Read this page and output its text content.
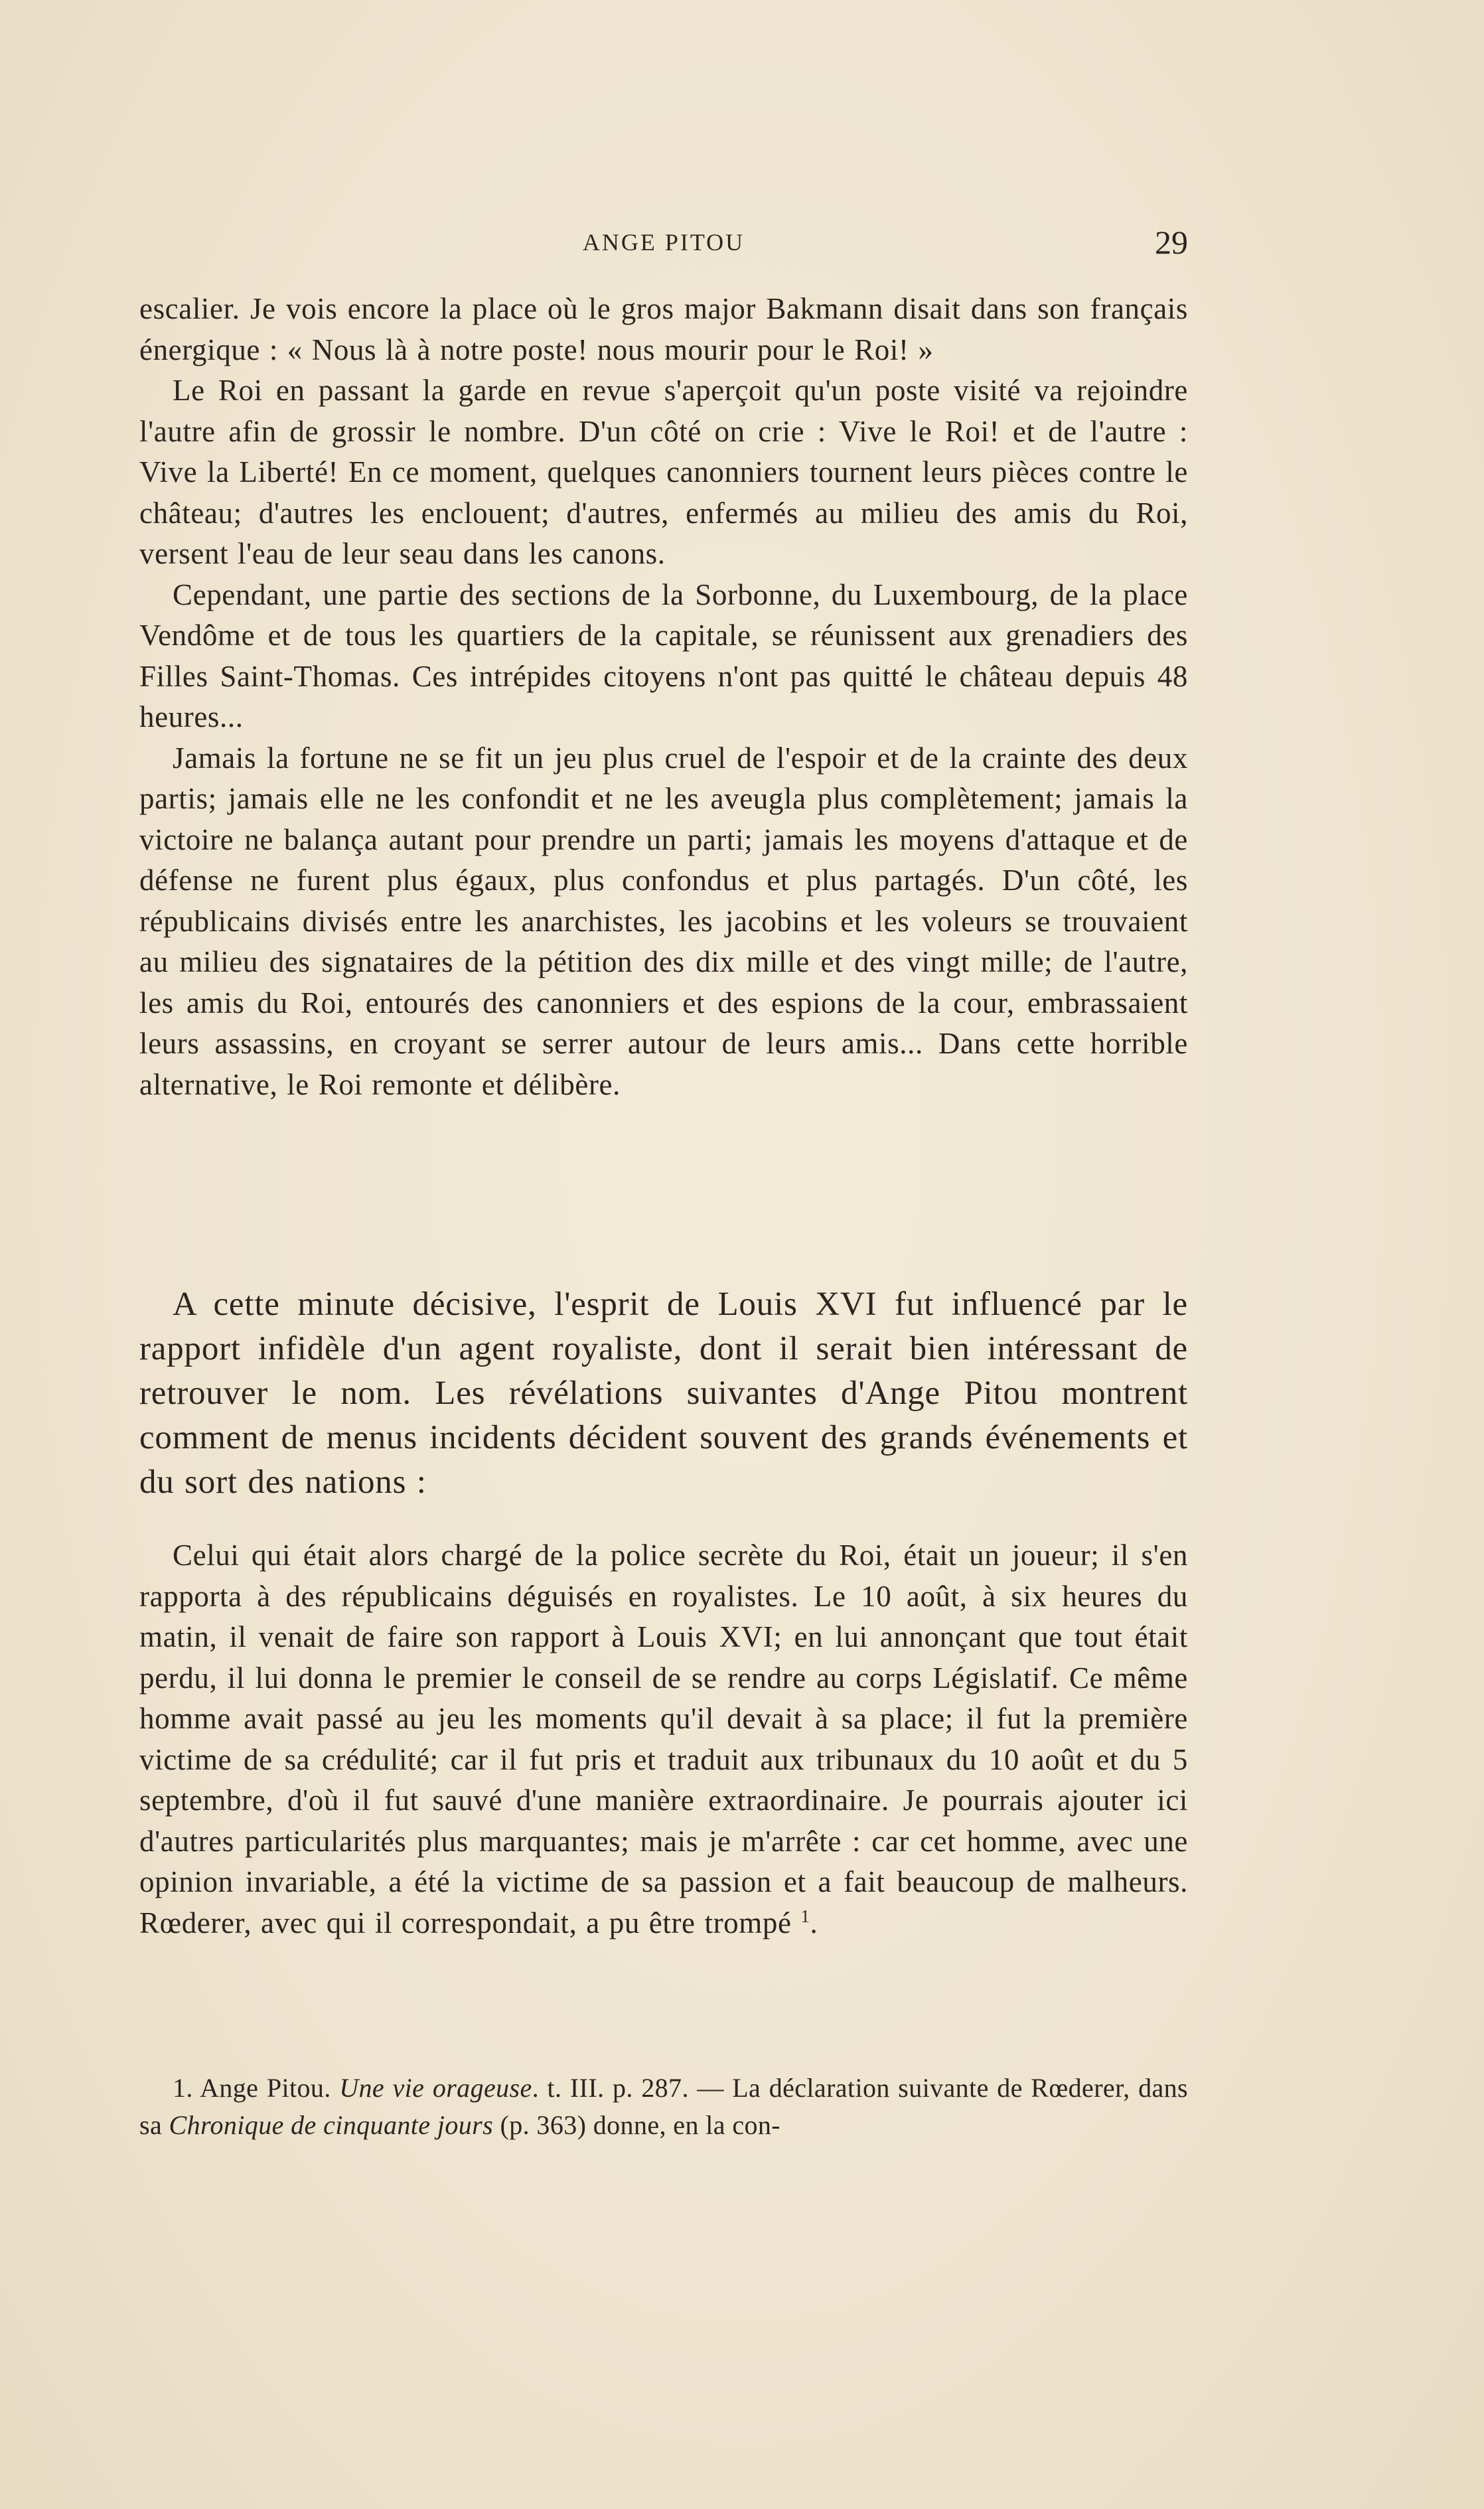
ANGE PITOU	29

escalier. Je vois encore la place où le gros major Bakmann disait dans son français énergique : « Nous là à notre poste! nous mourir pour le Roi! »

Le Roi en passant la garde en revue s'aperçoit qu'un poste visité va rejoindre l'autre afin de grossir le nombre. D'un côté on crie : Vive le Roi! et de l'autre : Vive la Liberté! En ce moment, quelques canonniers tournent leurs pièces contre le château; d'autres les enclouent; d'autres, enfermés au milieu des amis du Roi, versent l'eau de leur seau dans les canons.

Cependant, une partie des sections de la Sorbonne, du Luxembourg, de la place Vendôme et de tous les quartiers de la capitale, se réunissent aux grenadiers des Filles Saint-Thomas. Ces intrépides citoyens n'ont pas quitté le château depuis 48 heures...

Jamais la fortune ne se fit un jeu plus cruel de l'espoir et de la crainte des deux partis; jamais elle ne les confondit et ne les aveugla plus complètement; jamais la victoire ne balança autant pour prendre un parti; jamais les moyens d'attaque et de défense ne furent plus égaux, plus confondus et plus partagés. D'un côté, les républicains divisés entre les anarchistes, les jacobins et les voleurs se trouvaient au milieu des signataires de la pétition des dix mille et des vingt mille; de l'autre, les amis du Roi, entourés des canonniers et des espions de la cour, embrassaient leurs assassins, en croyant se serrer autour de leurs amis... Dans cette horrible alternative, le Roi remonte et délibère.

A cette minute décisive, l'esprit de Louis XVI fut influencé par le rapport infidèle d'un agent royaliste, dont il serait bien intéressant de retrouver le nom. Les révélations suivantes d'Ange Pitou montrent comment de menus incidents décident souvent des grands événements et du sort des nations :

Celui qui était alors chargé de la police secrète du Roi, était un joueur; il s'en rapporta à des républicains déguisés en royalistes. Le 10 août, à six heures du matin, il venait de faire son rapport à Louis XVI; en lui annonçant que tout était perdu, il lui donna le premier le conseil de se rendre au corps Législatif. Ce même homme avait passé au jeu les moments qu'il devait à sa place; il fut la première victime de sa crédulité; car il fut pris et traduit aux tribunaux du 10 août et du 5 septembre, d'où il fut sauvé d'une manière extraordinaire. Je pourrais ajouter ici d'autres particularités plus marquantes; mais je m'arrête : car cet homme, avec une opinion invariable, a été la victime de sa passion et a fait beaucoup de malheurs. Rœderer, avec qui il correspondait, a pu être trompé $^1$.

1. Ange Pitou. Une vie orageuse. t. III. p. 287. — La déclaration suivante de Rœderer, dans sa Chronique de cinquante jours (p. 363) donne, en la con-
